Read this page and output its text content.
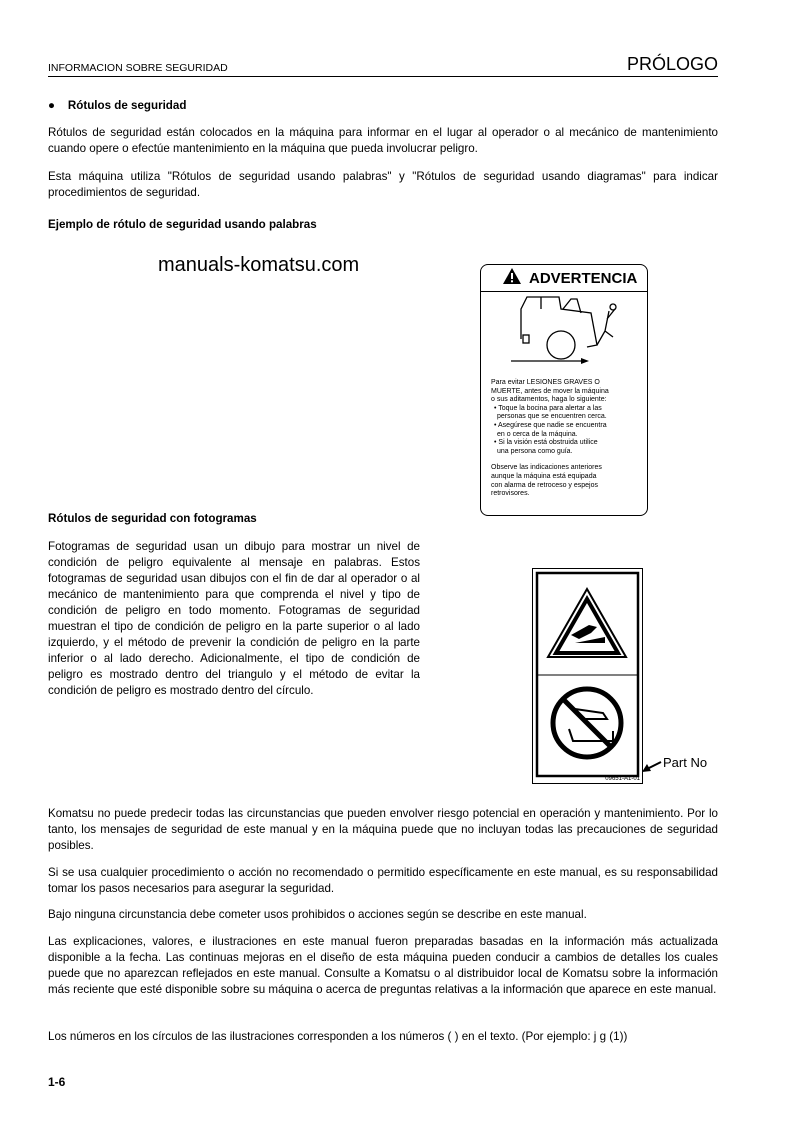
INFORMACION SOBRE SEGURIDAD	PRÓLOGO
●    Rótulos de seguridad
Rótulos de seguridad están colocados en la máquina para informar en el lugar al operador o al mecánico de mantenimiento cuando opere o efectúe mantenimiento en la máquina que pueda involucrar peligro.
Esta máquina utiliza "Rótulos de seguridad usando palabras" y "Rótulos de seguridad usando diagramas" para indicar procedimientos de seguridad.
Ejemplo de rótulo de seguridad usando palabras
manuals-komatsu.com
ADVERTENCIA
Para evitar LESIONES GRAVES O
MUERTE, antes de mover la máquina
o sus aditamentos, haga lo siguiente:
• Toque la bocina para alertar a las
personas que se encuentren cerca.
• Asegúrese que nadie se encuentra
en o cerca de la máquina.
• Si la visión está obstruida utilice
una persona como guía.
Observe las indicaciones anteriores
aunque la máquina está equipada
con alarma de retroceso y espejos
retrovisores.
Rótulos de seguridad con fotogramas
Fotogramas de seguridad usan un dibujo para mostrar un nivel de condición de peligro equivalente al mensaje en palabras. Estos fotogramas de seguridad usan dibujos con el fin de dar al operador o al mecánico de mantenimiento para que comprenda el nivel y tipo de condición de peligro en todo momento. Fotogramas de seguridad muestran el tipo de condición de peligro en la parte superior o al lado izquierdo, y el método de prevenir la condición de peligro en la parte inferior o al lado derecho. Adicionalmente, el tipo de condición de peligro es mostrado dentro del triangulo y el método de evitar la condición de peligro es mostrado dentro del círculo.
09651-A1-01
Part No
Komatsu no puede predecir todas las circunstancias que pueden envolver riesgo potencial en operación y mantenimiento. Por lo tanto, los mensajes de seguridad de este manual y en la máquina puede que no incluyan todas las precauciones de seguridad posibles.
Si se usa cualquier procedimiento o acción no recomendado o permitido específicamente en este manual, es su responsabilidad tomar los pasos necesarios para asegurar la seguridad.
Bajo ninguna circunstancia debe cometer usos prohibidos o acciones según se describe en este manual.
Las explicaciones, valores, e ilustraciones en este manual fueron preparadas basadas en la información más actualizada disponible a la fecha. Las continuas mejoras en el diseño de esta máquina pueden conducir a cambios de detalles los cuales puede que no aparezcan reflejados en este manual. Consulte a Komatsu o al distribuidor local de Komatsu sobre la información más reciente que esté disponible sobre su máquina o acerca de preguntas relativas a la información que aparece en este manual.
Los números en los círculos de las ilustraciones corresponden a los números ( ) en el texto. (Por ejemplo: j g (1))
1-6
